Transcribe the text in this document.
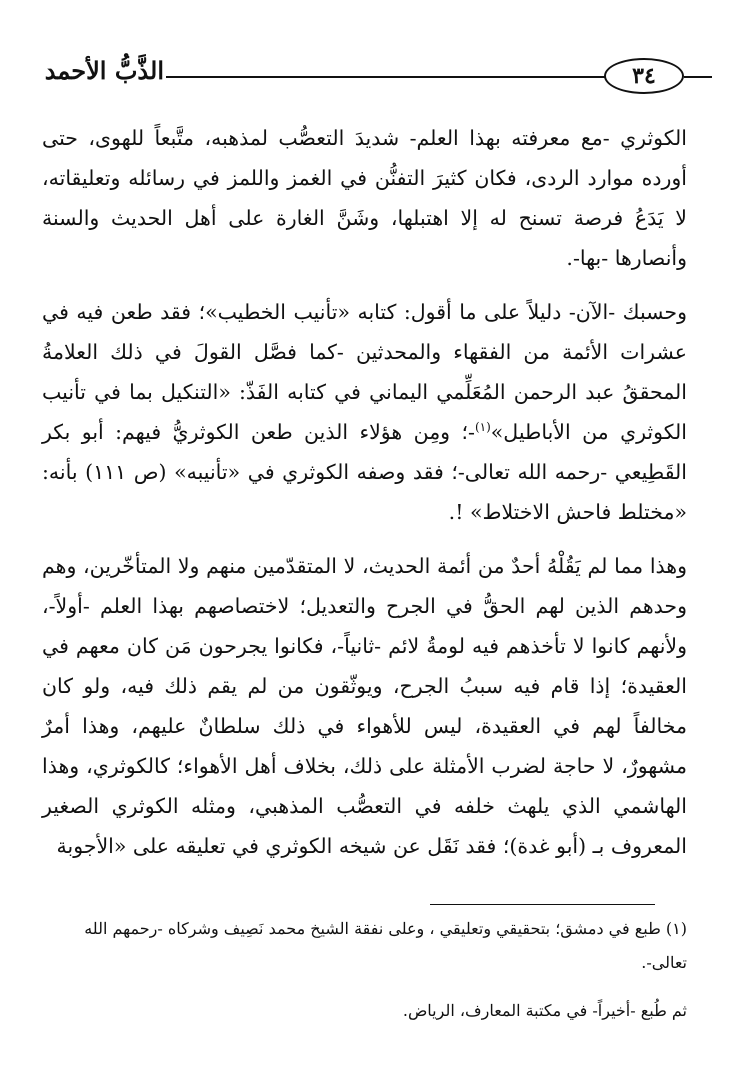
الذَّبُّ الأحمد	٣٤

الكوثري -مع معرفته بهذا العلم- شديدَ التعصُّب لمذهبه، متَّبعاً للهوى، حتى أورده موارد الردى، فكان كثيرَ التفنُّن في الغمز واللمز في رسائله وتعليقاته، لا يَدَعُ فرصة تسنح له إلا اهتبلها، وشَنَّ الغارة على أهل الحديث والسنة وأنصارها -بها-.

وحسبك -الآن- دليلاً على ما أقول: كتابه «تأنيب الخطيب»؛ فقد طعن فيه في عشرات الأئمة من الفقهاء والمحدثين -كما فصَّل القولَ في ذلك العلامةُ المحققُ عبد الرحمن المُعَلِّمي اليماني في كتابه الفَذّ: «التنكيل بما في تأنيب الكوثري من الأباطيل»$^{(١)}$-؛ ومِن هؤلاء الذين طعن الكوثريُّ فيهم: أبو بكر القَطِيعي -رحمه الله تعالى-؛ فقد وصفه الكوثري في «تأنيبه» (ص ١١١) بأنه: «مختلط فاحش الاختلاط» !.

وهذا مما لم يَقُلْهُ أحدٌ من أئمة الحديث، لا المتقدّمين منهم ولا المتأخّرين، وهم وحدهم الذين لهم الحقُّ في الجرح والتعديل؛ لاختصاصهم بهذا العلم -أولاً-، ولأنهم كانوا لا تأخذهم فيه لومةُ لائم -ثانياً-، فكانوا يجرحون مَن كان معهم في العقيدة؛ إذا قام فيه سببُ الجرح، ويوثّقون من لم يقم ذلك فيه، ولو كان مخالفاً لهم في العقيدة، ليس للأهواء في ذلك سلطانٌ عليهم، وهذا أمرٌ مشهورٌ، لا حاجة لضرب الأمثلة على ذلك، بخلاف أهل الأهواء؛ كالكوثري، وهذا الهاشمي الذي يلهث خلفه في التعصُّب المذهبي، ومثله الكوثري الصغير المعروف بـ (أبو غدة)؛ فقد نَقَل عن شيخه الكوثري في تعليقه على «الأجوبة

(١) طبع في دمشق؛ بتحقيقي وتعليقي ، وعلى نفقة الشيخ محمد نَصِيف وشركاه -رحمهم الله تعالى-.

ثم طُبع -أخيراً- في مكتبة المعارف، الرياض.
